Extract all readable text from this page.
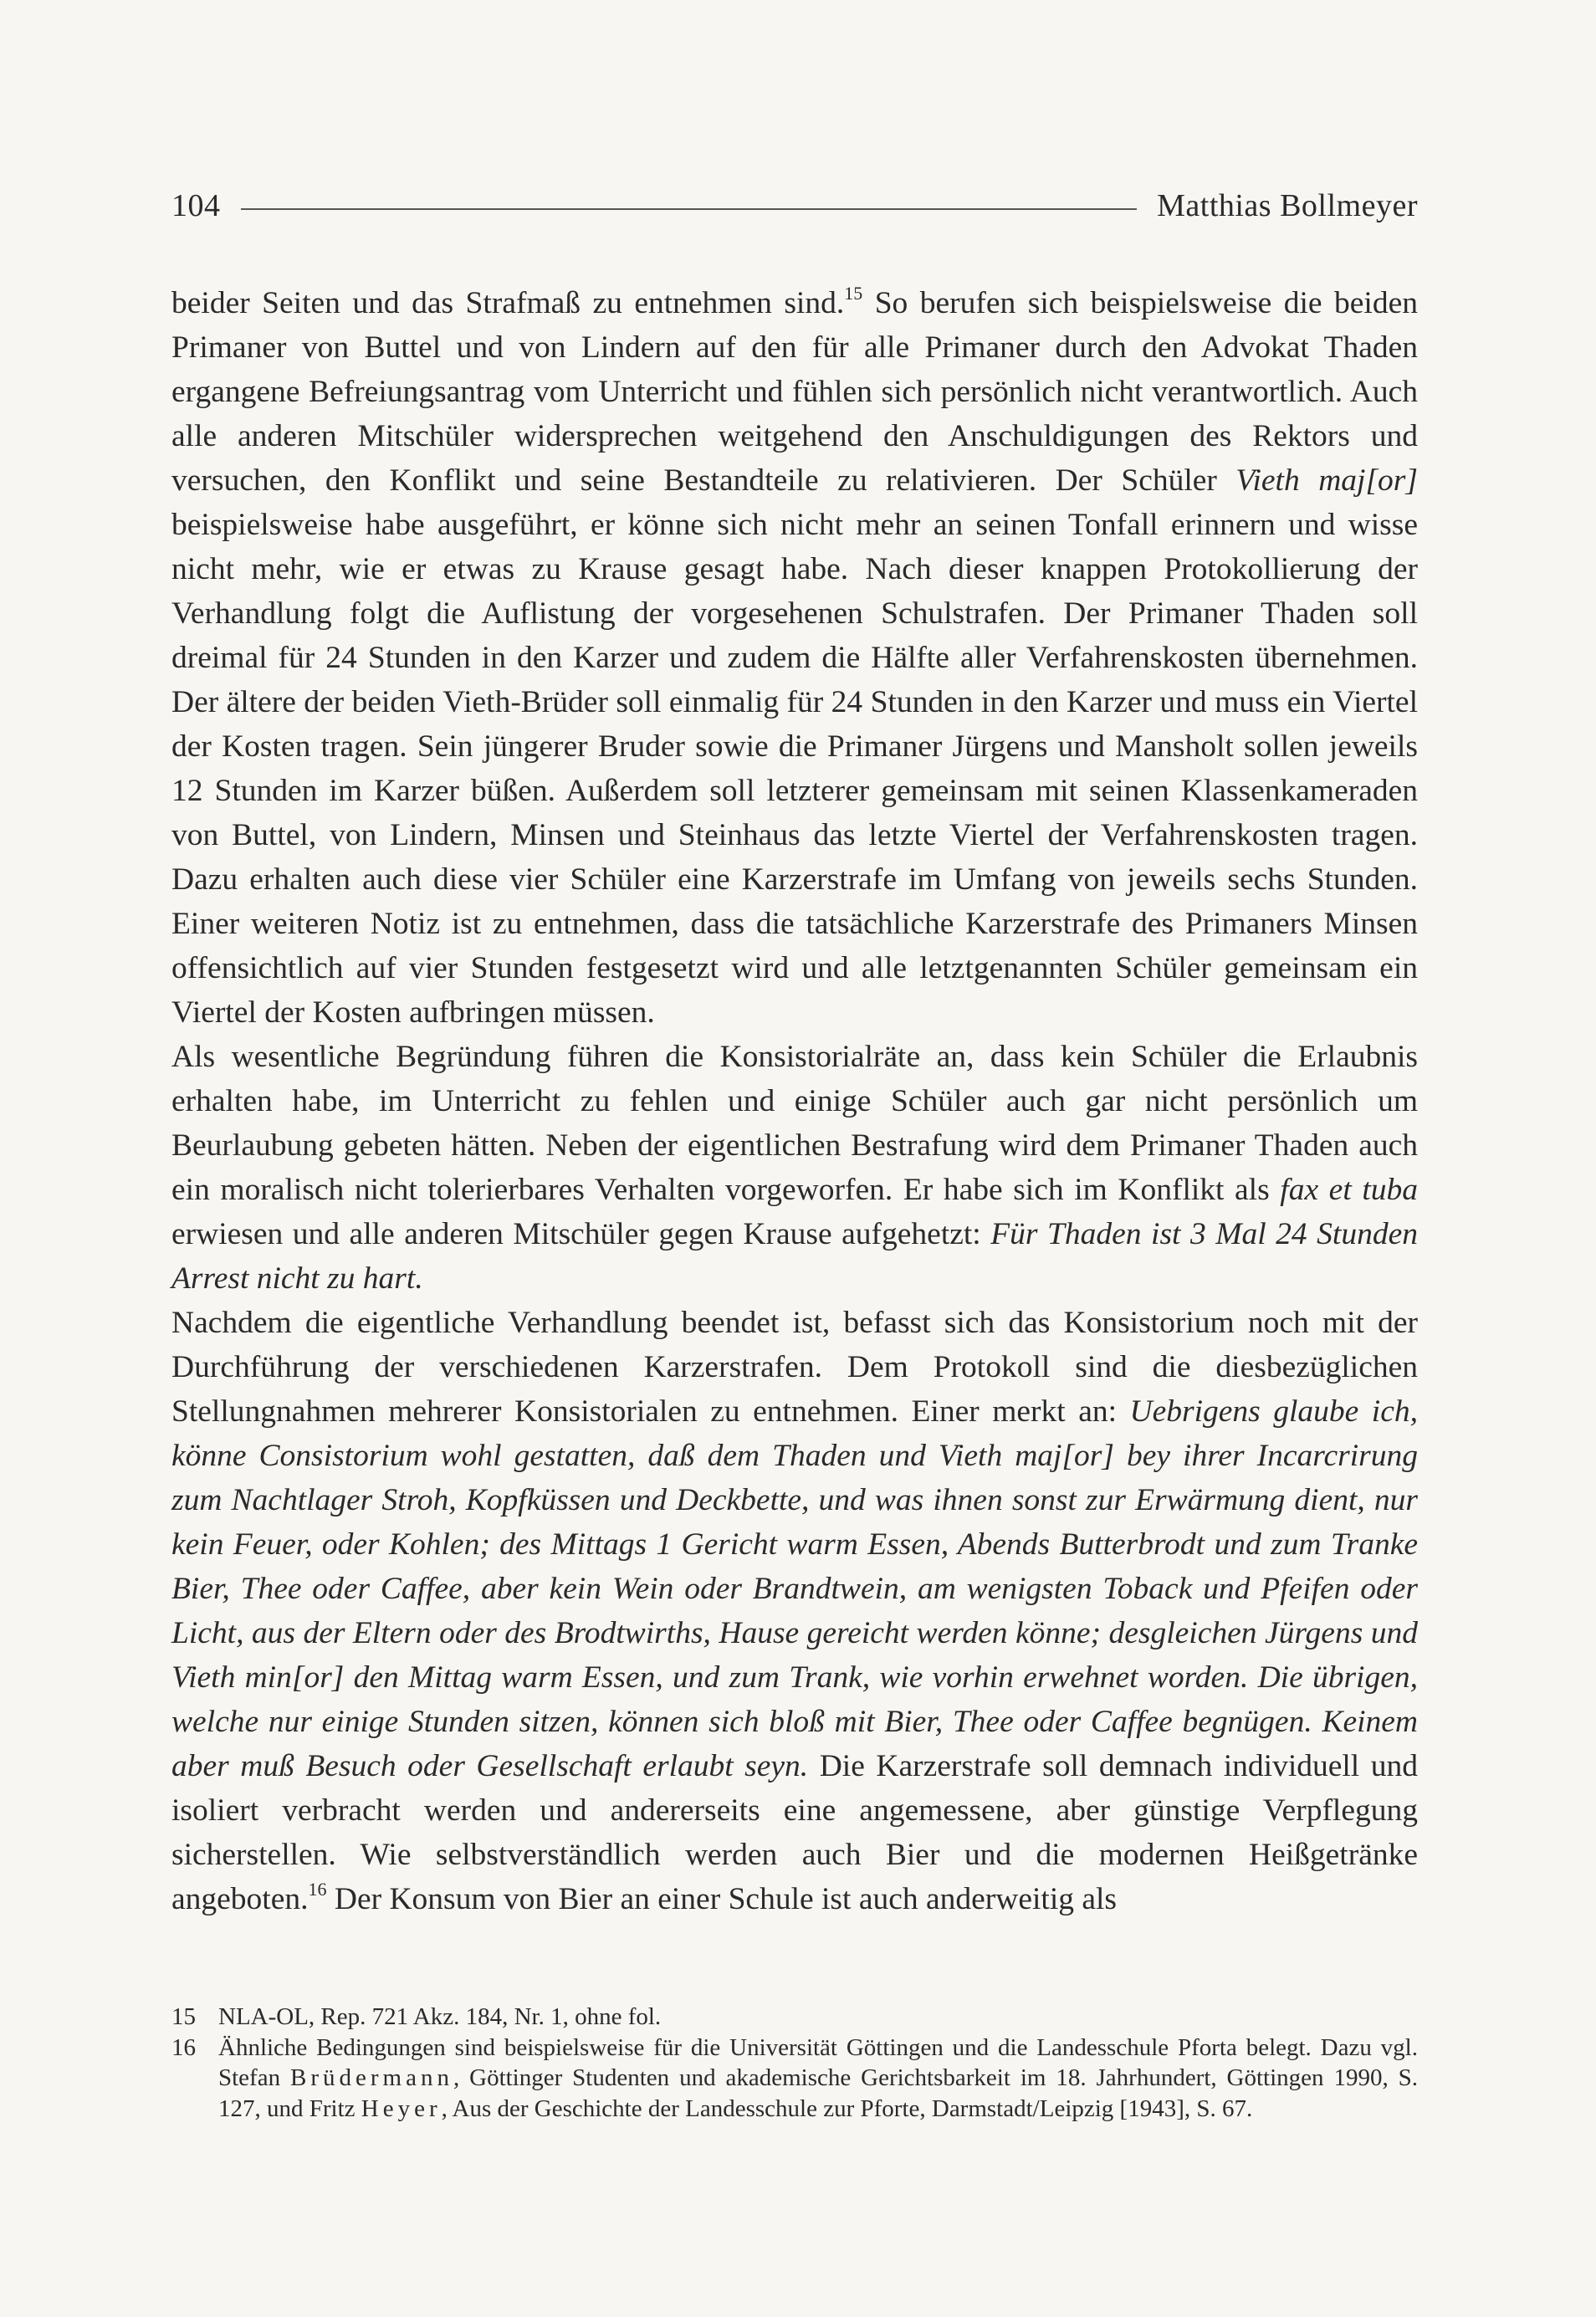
104	Matthias Bollmeyer

beider Seiten und das Strafmaß zu entnehmen sind.$^{15}$ So berufen sich beispielsweise die beiden Primaner von Buttel und von Lindern auf den für alle Primaner durch den Advokat Thaden ergangene Befreiungsantrag vom Unterricht und fühlen sich persönlich nicht verantwortlich. Auch alle anderen Mitschüler widersprechen weitgehend den Anschuldigungen des Rektors und versuchen, den Konflikt und seine Bestandteile zu relativieren. Der Schüler Vieth maj[or] beispielsweise habe ausgeführt, er könne sich nicht mehr an seinen Tonfall erinnern und wisse nicht mehr, wie er etwas zu Krause gesagt habe. Nach dieser knappen Protokollierung der Verhandlung folgt die Auflistung der vorgesehenen Schulstrafen. Der Primaner Thaden soll dreimal für 24 Stunden in den Karzer und zudem die Hälfte aller Verfahrenskosten übernehmen. Der ältere der beiden Vieth-Brüder soll einmalig für 24 Stunden in den Karzer und muss ein Viertel der Kosten tragen. Sein jüngerer Bruder sowie die Primaner Jürgens und Mansholt sollen jeweils 12 Stunden im Karzer büßen. Außerdem soll letzterer gemeinsam mit seinen Klassenkameraden von Buttel, von Lindern, Minsen und Steinhaus das letzte Viertel der Verfahrenskosten tragen. Dazu erhalten auch diese vier Schüler eine Karzerstrafe im Umfang von jeweils sechs Stunden. Einer weiteren Notiz ist zu entnehmen, dass die tatsächliche Karzerstrafe des Primaners Minsen offensichtlich auf vier Stunden festgesetzt wird und alle letztgenannten Schüler gemeinsam ein Viertel der Kosten aufbringen müssen.

Als wesentliche Begründung führen die Konsistorialräte an, dass kein Schüler die Erlaubnis erhalten habe, im Unterricht zu fehlen und einige Schüler auch gar nicht persönlich um Beurlaubung gebeten hätten. Neben der eigentlichen Bestrafung wird dem Primaner Thaden auch ein moralisch nicht tolerierbares Verhalten vorgeworfen. Er habe sich im Konflikt als fax et tuba erwiesen und alle anderen Mitschüler gegen Krause aufgehetzt: Für Thaden ist 3 Mal 24 Stunden Arrest nicht zu hart.

Nachdem die eigentliche Verhandlung beendet ist, befasst sich das Konsistorium noch mit der Durchführung der verschiedenen Karzerstrafen. Dem Protokoll sind die diesbezüglichen Stellungnahmen mehrerer Konsistorialen zu entnehmen. Einer merkt an: Uebrigens glaube ich, könne Consistorium wohl gestatten, daß dem Thaden und Vieth maj[or] bey ihrer Incarcrirung zum Nachtlager Stroh, Kopfküssen und Deckbette, und was ihnen sonst zur Erwärmung dient, nur kein Feuer, oder Kohlen; des Mittags 1 Gericht warm Essen, Abends Butterbrodt und zum Tranke Bier, Thee oder Caffee, aber kein Wein oder Brandtwein, am wenigsten Toback und Pfeifen oder Licht, aus der Eltern oder des Brodtwirths, Hause gereicht werden könne; desgleichen Jürgens und Vieth min[or] den Mittag warm Essen, und zum Trank, wie vorhin erwehnet worden. Die übrigen, welche nur einige Stunden sitzen, können sich bloß mit Bier, Thee oder Caffee begnügen. Keinem aber muß Besuch oder Gesellschaft erlaubt seyn. Die Karzerstrafe soll demnach individuell und isoliert verbracht werden und andererseits eine angemessene, aber günstige Verpflegung sicherstellen. Wie selbstverständlich werden auch Bier und die modernen Heißgetränke angeboten.$^{16}$ Der Konsum von Bier an einer Schule ist auch anderweitig als

15 NLA-OL, Rep. 721 Akz. 184, Nr. 1, ohne fol.
16 Ähnliche Bedingungen sind beispielsweise für die Universität Göttingen und die Landesschule Pforta belegt. Dazu vgl. Stefan Brüdermann, Göttinger Studenten und akademische Gerichtsbarkeit im 18. Jahrhundert, Göttingen 1990, S. 127, und Fritz Heyer, Aus der Geschichte der Landesschule zur Pforte, Darmstadt/Leipzig [1943], S. 67.
